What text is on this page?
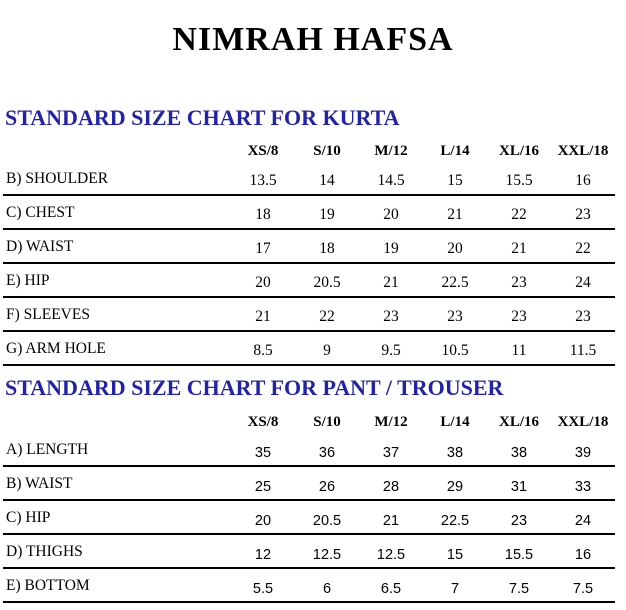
NIMRAH HAFSA
STANDARD SIZE CHART FOR KURTA
	XS/8	S/10	M/12	L/14	XL/16	XXL/18
B) SHOULDER	13.5	14	14.5	15	15.5	16
C) CHEST	18	19	20	21	22	23
D) WAIST	17	18	19	20	21	22
E) HIP	20	20.5	21	22.5	23	24
F) SLEEVES	21	22	23	23	23	23
G) ARM HOLE	8.5	9	9.5	10.5	11	11.5
STANDARD SIZE CHART FOR PANT / TROUSER
	XS/8	S/10	M/12	L/14	XL/16	XXL/18
A) LENGTH	35	36	37	38	38	39
B) WAIST	25	26	28	29	31	33
C) HIP	20	20.5	21	22.5	23	24
D) THIGHS	12	12.5	12.5	15	15.5	16
E) BOTTOM	5.5	6	6.5	7	7.5	7.5
